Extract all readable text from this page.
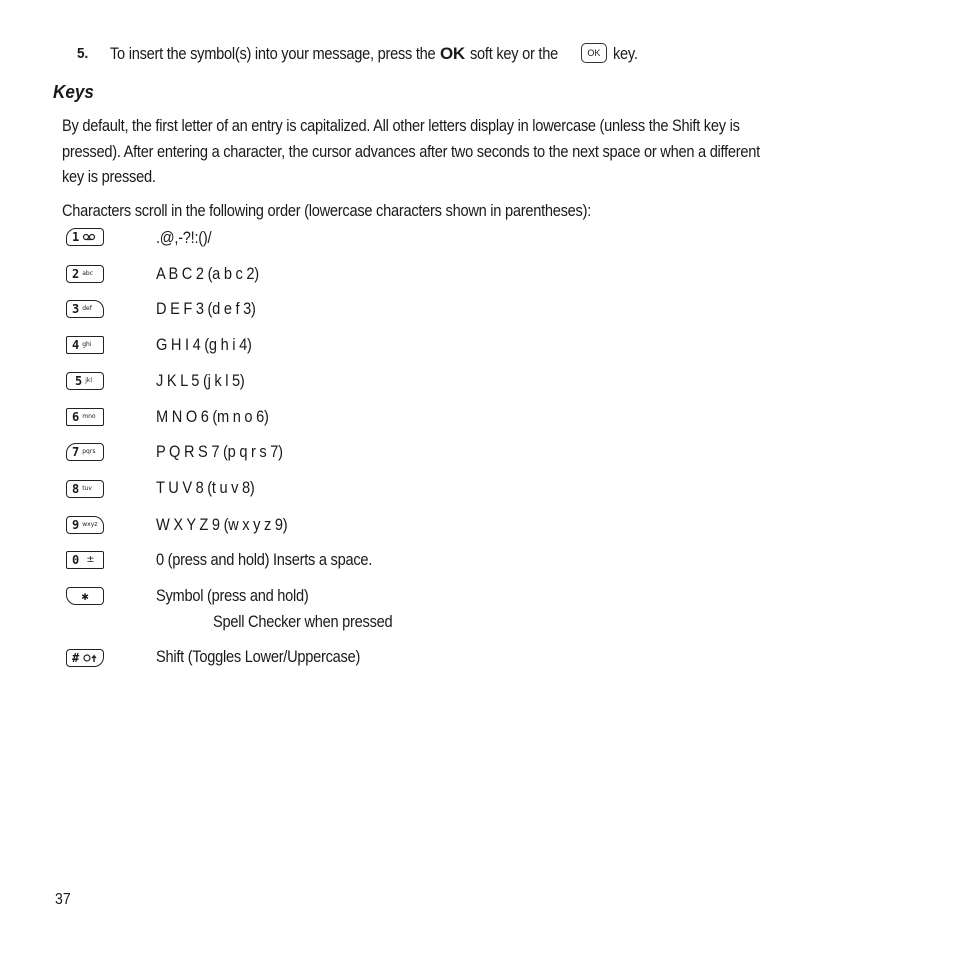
5. To insert the symbol(s) into your message, press the OK soft key or the	OK key.
Keys
By default, the first letter of an entry is capitalized. All other letters display in lowercase (unless the Shift key is
pressed). After entering a character, the cursor advances after two seconds to the next space or when a different
key is pressed.
Characters scroll in the following order (lowercase characters shown in parentheses):
1	.@,-?!:()/
2 abc	A B C 2 (a b c 2)
3 def	D E F 3 (d e f 3)
4 ghi	G H I 4 (g h i 4)
5 jkl	J K L 5 (j k l 5)
6 mno	M N O 6 (m n o 6)
7 pqrs	P Q R S 7 (p q r s 7)
8 tuv	T U V 8 (t u v 8)
9 wxyz	W X Y Z 9 (w x y z 9)
0 ±	0 (press and hold) Inserts a space.
✱	Symbol (press and hold)
Spell Checker when pressed
#	Shift (Toggles Lower/Uppercase)
37
